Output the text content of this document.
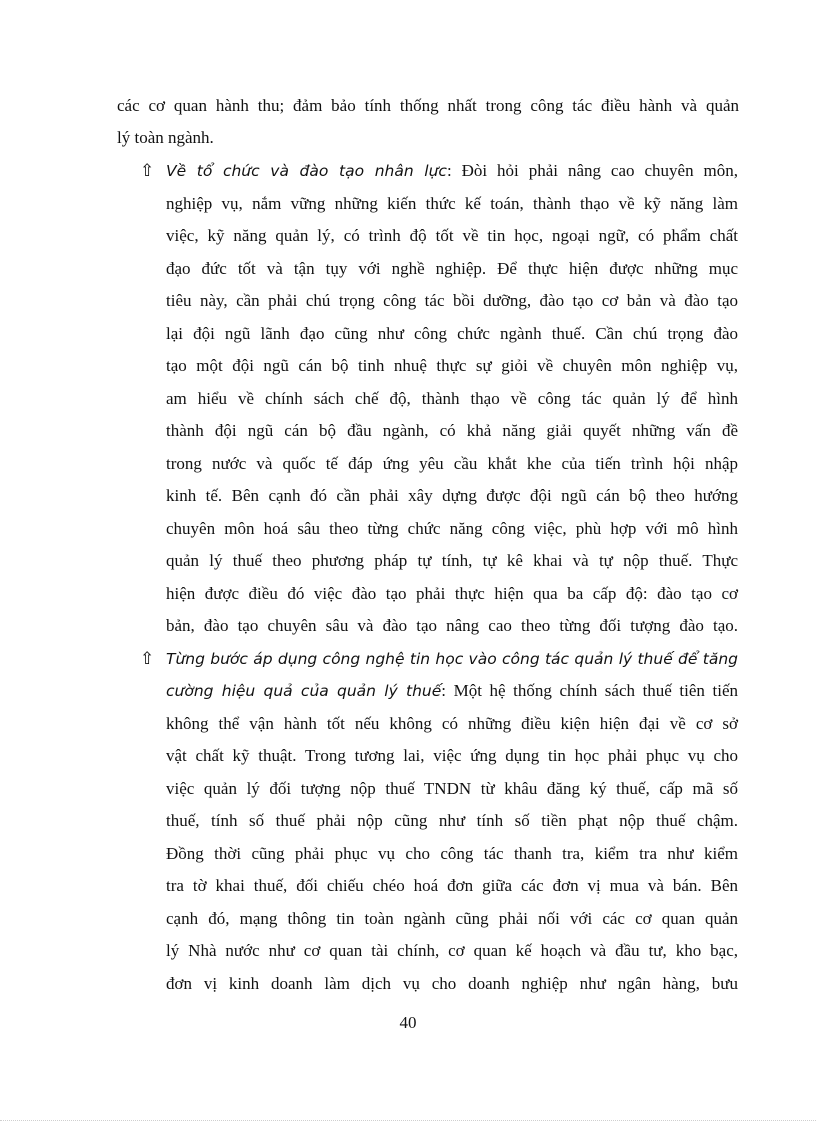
các cơ quan hành thu; đảm bảo tính thống nhất trong công tác điều hành và quản
lý toàn ngành.
⇧ Về tổ chức và đào tạo nhân lực: Đòi hỏi phải nâng cao chuyên môn,
nghiệp vụ, nắm vững những kiến thức kế toán, thành thạo về kỹ năng làm
việc, kỹ năng quản lý, có trình độ tốt về tin học, ngoại ngữ, có phẩm chất
đạo đức tốt và tận tụy với nghề nghiệp. Để thực hiện được những mục
tiêu này, cần phải chú trọng công tác bồi dưỡng, đào tạo cơ bản và đào tạo
lại đội ngũ lãnh đạo cũng như công chức ngành thuế. Cần chú trọng đào
tạo một đội ngũ cán bộ tinh nhuệ thực sự giỏi về chuyên môn nghiệp vụ,
am hiểu về chính sách chế độ, thành thạo về công tác quản lý để hình
thành đội ngũ cán bộ đầu ngành, có khả năng giải quyết những vấn đề
trong nước và quốc tế đáp ứng yêu cầu khắt khe của tiến trình hội nhập
kinh tế. Bên cạnh đó cần phải xây dựng được đội ngũ cán bộ theo hướng
chuyên môn hoá sâu theo từng chức năng công việc, phù hợp với mô hình
quản lý thuế theo phương pháp tự tính, tự kê khai và tự nộp thuế. Thực
hiện được điều đó việc đào tạo phải thực hiện qua ba cấp độ: đào tạo cơ
bản, đào tạo chuyên sâu và đào tạo nâng cao theo từng đối tượng đào tạo.
⇧ Từng bước áp dụng công nghệ tin học vào công tác quản lý thuế để tăng
cường hiệu quả của quản lý thuế: Một hệ thống chính sách thuế tiên tiến
không thể vận hành tốt nếu không có những điều kiện hiện đại về cơ sở
vật chất kỹ thuật. Trong tương lai, việc ứng dụng tin học phải phục vụ cho
việc quản lý đối tượng nộp thuế TNDN từ khâu đăng ký thuế, cấp mã số
thuế, tính số thuế phải nộp cũng như tính số tiền phạt nộp thuế chậm.
Đồng thời cũng phải phục vụ cho công tác thanh tra, kiểm tra như kiểm
tra tờ khai thuế, đối chiếu chéo hoá đơn giữa các đơn vị mua và bán. Bên
cạnh đó, mạng thông tin toàn ngành cũng phải nối với các cơ quan quản
lý Nhà nước như cơ quan tài chính, cơ quan kế hoạch và đầu tư, kho bạc,
đơn vị kinh doanh làm dịch vụ cho doanh nghiệp như ngân hàng, bưu
40
